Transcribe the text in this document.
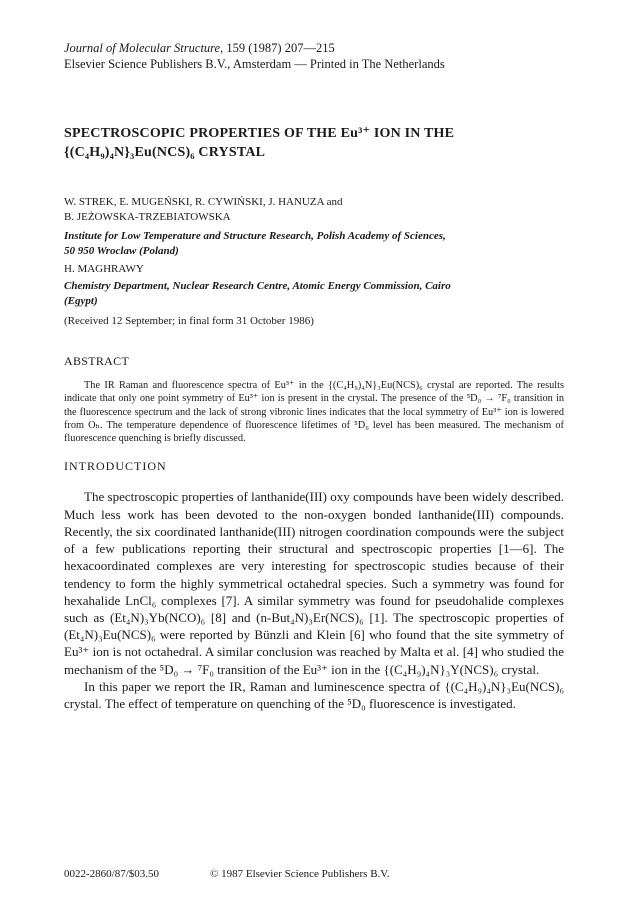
Journal of Molecular Structure, 159 (1987) 207—215
Elsevier Science Publishers B.V., Amsterdam — Printed in The Netherlands
SPECTROSCOPIC PROPERTIES OF THE Eu³⁺ ION IN THE
{(C₄H₉)₄N}₃Eu(NCS)₆ CRYSTAL
W. STREK, E. MUGEŃSKI, R. CYWIŃSKI, J. HANUZA and
B. JEŻOWSKA-TRZEBIATOWSKA
Institute for Low Temperature and Structure Research, Polish Academy of Sciences,
50 950 Wroclaw (Poland)
H. MAGHRAWY
Chemistry Department, Nuclear Research Centre, Atomic Energy Commission, Cairo
(Egypt)
(Received 12 September; in final form 31 October 1986)
ABSTRACT
The IR Raman and fluorescence spectra of Eu³⁺ in the {(C₄H₉)₄N}₃Eu(NCS)₆ crystal are reported. The results indicate that only one point symmetry of Eu³⁺ ion is present in the crystal. The presence of the ⁵D₀ → ⁷F₀ transition in the fluorescence spectrum and the lack of strong vibronic lines indicates that the local symmetry of Eu³⁺ ion is lowered from Oₕ. The temperature dependence of fluorescence lifetimes of ⁵D₀ level has been measured. The mechanism of fluorescence quenching is briefly discussed.
INTRODUCTION

The spectroscopic properties of lanthanide(III) oxy compounds have been widely described. Much less work has been devoted to the non-oxygen bonded lanthanide(III) compounds. Recently, the six coordinated lanthanide(III) nitrogen coordination compounds were the subject of a few publications reporting their structural and spectroscopic properties [1—6]. The hexacoordinated complexes are very interesting for spectroscopic studies because of their tendency to form the highly symmetrical octahedral species. Such a symmetry was found for hexahalide LnCl₆ complexes [7]. A similar symmetry was found for pseudohalide complexes such as (Et₄N)₃Yb(NCO)₆ [8] and (n-But₄N)₃Er(NCS)₆ [1]. The spectroscopic properties of (Et₄N)₃Eu(NCS)₆ were reported by Bünzli and Klein [6] who found that the site symmetry of Eu³⁺ ion is not octahedral. A similar conclusion was reached by Malta et al. [4] who studied the mechanism of the ⁵D₀ → ⁷F₀ transition of the Eu³⁺ ion in the {(C₄H₉)₄N}₃Y(NCS)₆ crystal.

In this paper we report the IR, Raman and luminescence spectra of {(C₄H₉)₄N}₃Eu(NCS)₆ crystal. The effect of temperature on quenching of the ⁵D₀ fluorescence is investigated.

0022-2860/87/$03.50	© 1987 Elsevier Science Publishers B.V.
